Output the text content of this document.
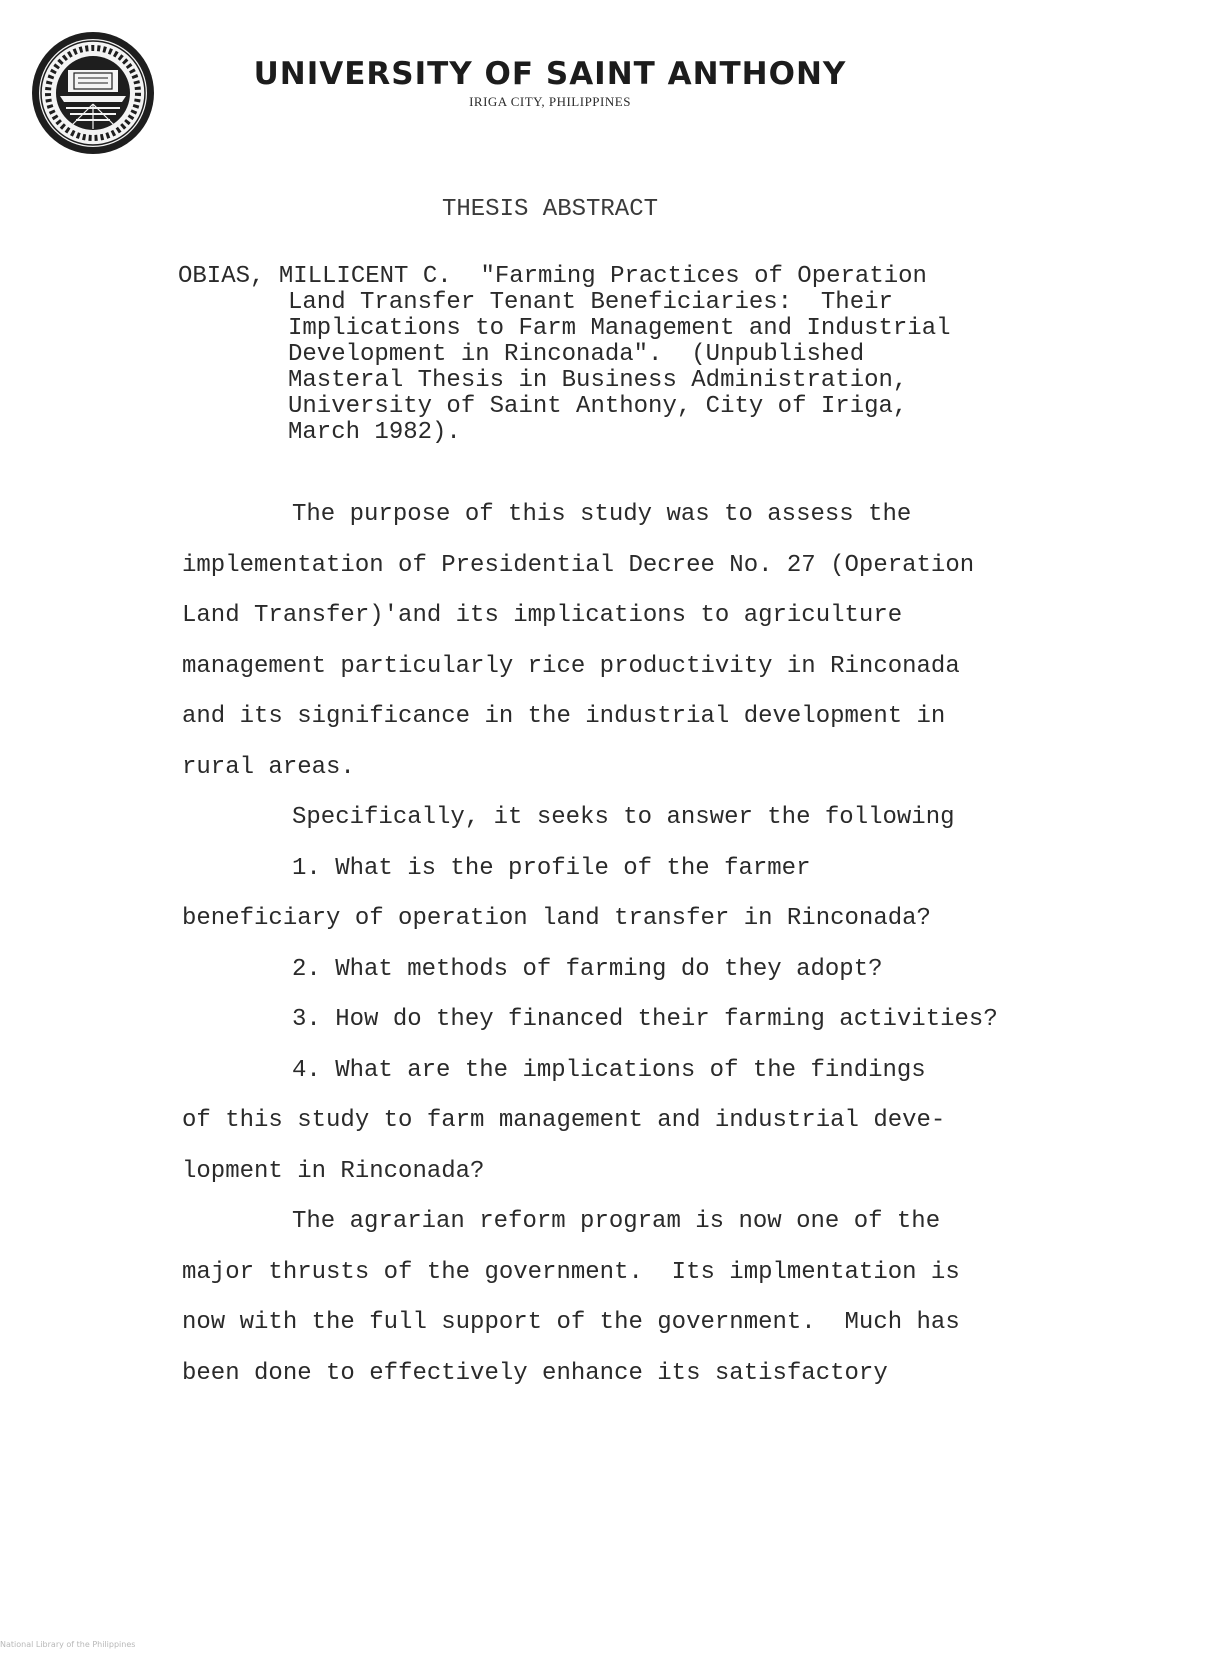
UNIVERSITY OF SAINT ANTHONY
IRIGA CITY, PHILIPPINES
THESIS ABSTRACT
OBIAS, MILLICENT C.  "Farming Practices of Operation
Land Transfer Tenant Beneficiaries:  Their
Implications to Farm Management and Industrial
Development in Rinconada".  (Unpublished
Masteral Thesis in Business Administration,
University of Saint Anthony, City of Iriga,
March 1982).
The purpose of this study was to assess the
implementation of Presidential Decree No. 27 (Operation
Land Transfer)'and its implications to agriculture
management particularly rice productivity in Rinconada
and its significance in the industrial development in
rural areas.
Specifically, it seeks to answer the following
1. What is the profile of the farmer
beneficiary of operation land transfer in Rinconada?
2. What methods of farming do they adopt?
3. How do they financed their farming activities?
4. What are the implications of the findings
of this study to farm management and industrial deve-
lopment in Rinconada?
The agrarian reform program is now one of the
major thrusts of the government.  Its implmentation is
now with the full support of the government.  Much has
been done to effectively enhance its satisfactory
National Library of the Philippines
